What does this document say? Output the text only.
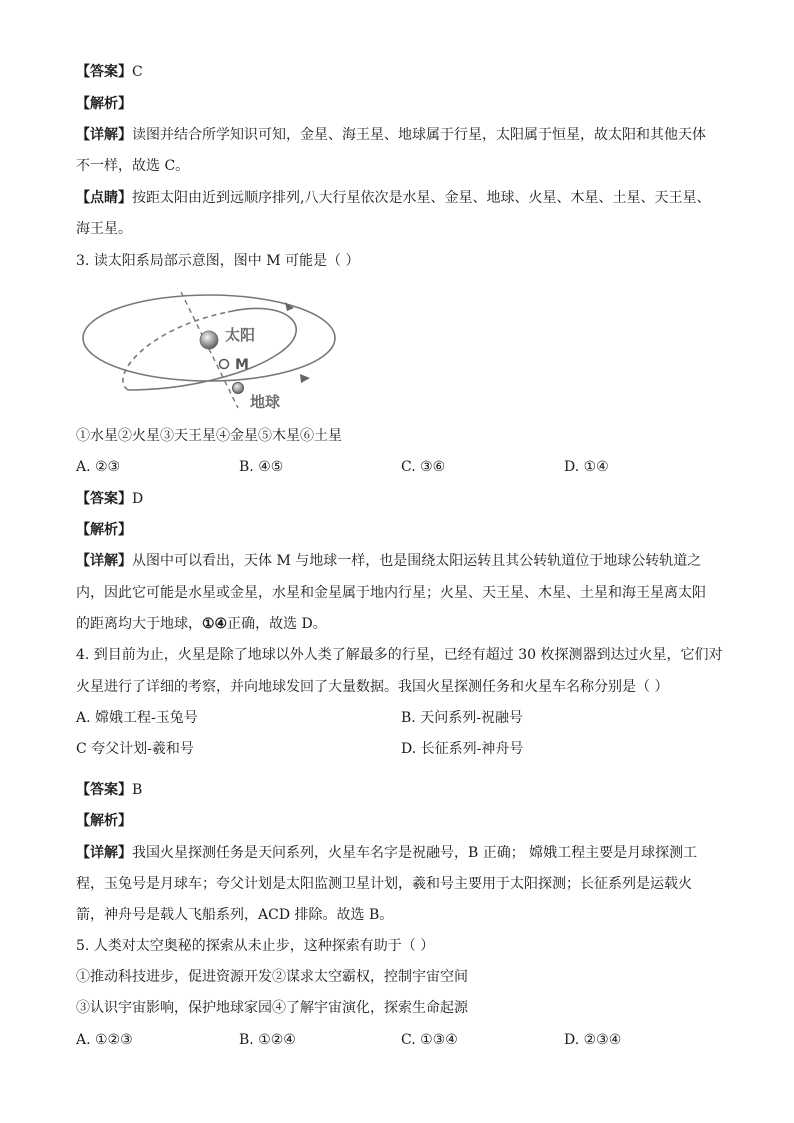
【答案】C
【解析】
【详解】读图并结合所学知识可知，金星、海王星、地球属于行星，太阳属于恒星，故太阳和其他天体
不一样，故选 C。
【点睛】按距太阳由近到远顺序排列,八大行星依次是水星、金星、地球、火星、木星、土星、天王星、
海王星。
3. 读太阳系局部示意图，图中 M 可能是（ ）
太阳
M
地球
①水星②火星③天王星④金星⑤木星⑥土星
A. ②③	B. ④⑤	C. ③⑥	D. ①④
【答案】D
【解析】
【详解】从图中可以看出，天体 M 与地球一样，也是围绕太阳运转且其公转轨道位于地球公转轨道之
内，因此它可能是水星或金星，水星和金星属于地内行星；火星、天王星、木星、土星和海王星离太阳
的距离均大于地球，①④正确，故选 D。
4. 到目前为止，火星是除了地球以外人类了解最多的行星，已经有超过 30 枚探测器到达过火星，它们对
火星进行了详细的考察，并向地球发回了大量数据。我国火星探测任务和火星车名称分别是（ ）
A. 嫦娥工程-玉兔号	B. 天问系列-祝融号
C 夸父计划-羲和号	D. 长征系列-神舟号
【答案】B
【解析】
【详解】我国火星探测任务是天问系列，火星车名字是祝融号，B 正确； 嫦娥工程主要是月球探测工
程，玉兔号是月球车；夸父计划是太阳监测卫星计划，羲和号主要用于太阳探测；长征系列是运载火
箭，神舟号是载人飞船系列，ACD 排除。故选 B。
5. 人类对太空奥秘的探索从未止步，这种探索有助于（ ）
①推动科技进步，促进资源开发②谋求太空霸权，控制宇宙空间
③认识宇宙影响，保护地球家园④了解宇宙演化，探索生命起源
A. ①②③	B. ①②④	C. ①③④	D. ②③④
